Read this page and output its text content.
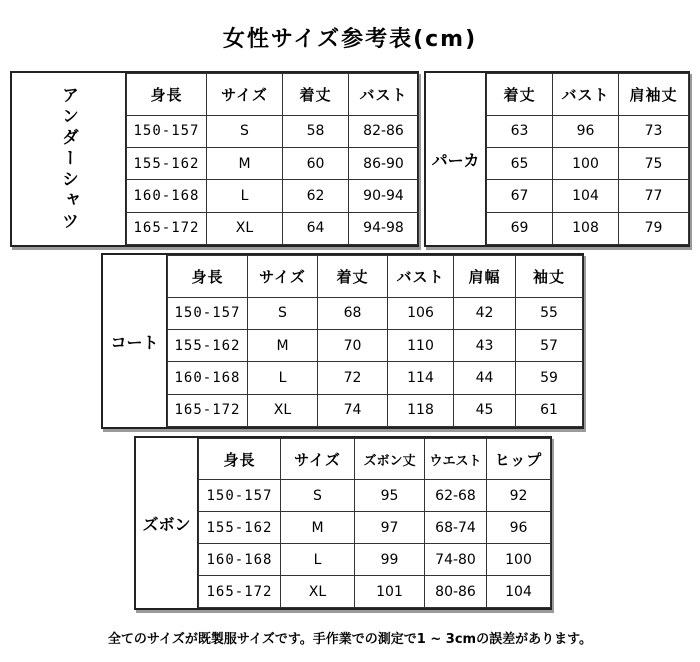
女性サイズ参考表(cm)
アンダーシャツ	身長	サイズ	着丈	バスト
150-157	S	58	82-86
155-162	M	60	86-90
160-168	L	62	90-94
165-172	XL	64	94-98
パーカ
着丈	バスト	肩袖丈
63	96	73
65	100	75
67	104	77
69	108	79
コート
身長	サイズ	着丈	バスト	肩幅	袖丈
150-157	S	68	106	42	55
155-162	M	70	110	43	57
160-168	L	72	114	44	59
165-172	XL	74	118	45	61
ズボン
身長	サイズ	ズボン丈	ウエスト	ヒップ
150-157	S	95	62-68	92
155-162	M	97	68-74	96
160-168	L	99	74-80	100
165-172	XL	101	80-86	104
全てのサイズが既製服サイズです。手作業での測定で1 ~ 3cmの誤差があります。
